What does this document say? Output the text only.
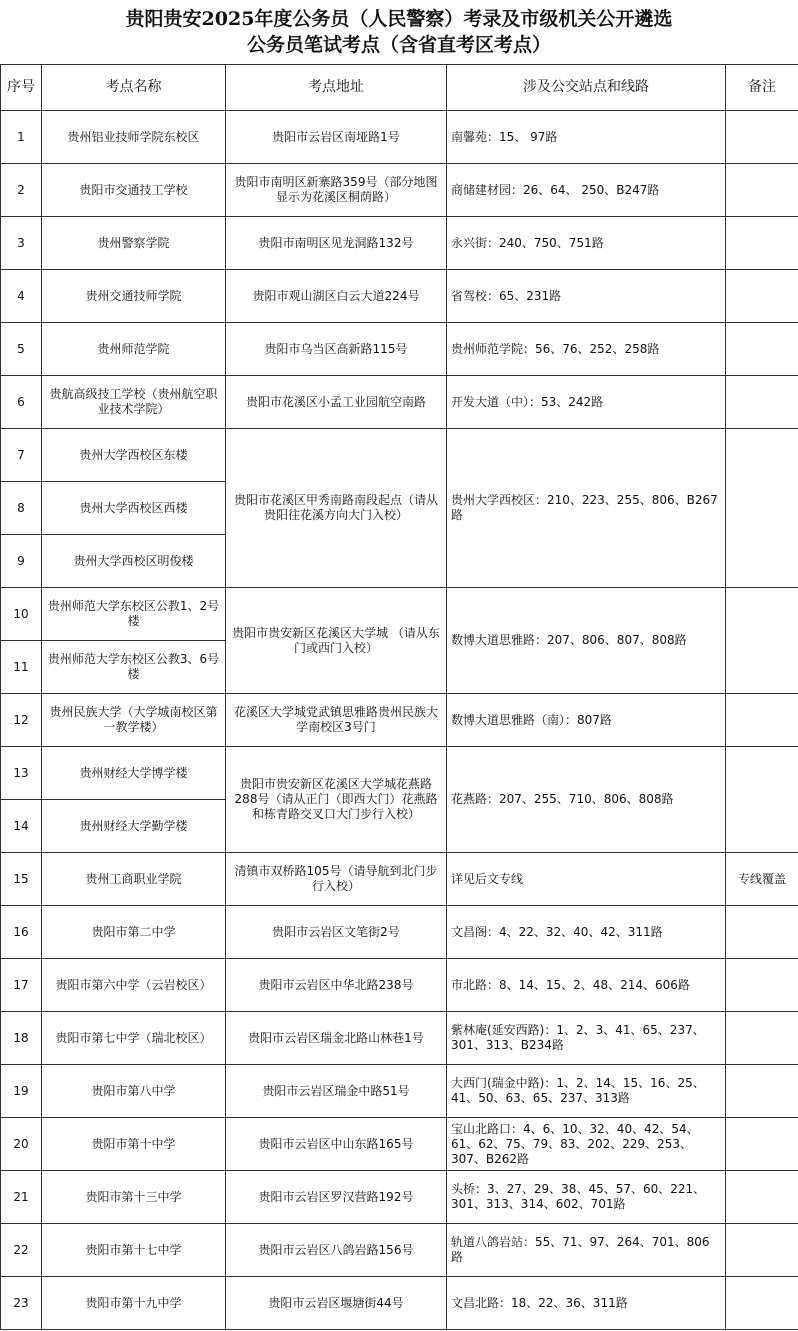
贵阳贵安2025年度公务员（人民警察）考录及市级机关公开遴选
公务员笔试考点（含省直考区考点）
序号	考点名称	考点地址	涉及公交站点和线路	备注
1	贵州铝业技师学院东校区	贵阳市云岩区南垭路1号	南馨苑：15、 97路	
2	贵阳市交通技工学校	贵阳市南明区新寨路359号（部分地图显示为花溪区桐荫路）	商储建材园：26、64、 250、B247路	
3	贵州警察学院	贵阳市南明区见龙洞路132号	永兴街：240、750、751路	
4	贵州交通技师学院	贵阳市观山湖区白云大道224号	省驾校：65、231路	
5	贵州师范学院	贵阳市乌当区高新路115号	贵州师范学院：56、76、252、258路	
6	贵航高级技工学校（贵州航空职业技术学院）	贵阳市花溪区小孟工业园航空南路	开发大道（中）：53、242路	
7	贵州大学西校区东楼	贵阳市花溪区甲秀南路南段起点（请从贵阳往花溪方向大门入校）	贵州大学西校区：210、223、255、806、B267路	
8	贵州大学西校区西楼			
9	贵州大学西校区明俊楼			
10	贵州师范大学东校区公教1、2号楼	贵阳市贵安新区花溪区大学城 （请从东门或西门入校）	数博大道思雅路：207、806、807、808路	
11	贵州师范大学东校区公教3、6号楼			
12	贵州民族大学（大学城南校区第一教学楼）	花溪区大学城党武镇思雅路贵州民族大学南校区3号门	数博大道思雅路（南）：807路	
13	贵州财经大学博学楼	贵阳市贵安新区花溪区大学城花燕路288号（请从正门（即西大门）花燕路和栋青路交叉口大门步行入校）	花燕路：207、255、710、806、808路	
14	贵州财经大学勤学楼			
15	贵州工商职业学院	清镇市双桥路105号（请导航到北门步行入校）	详见后文专线	专线覆盖
16	贵阳市第二中学	贵阳市云岩区文笔街2号	文昌阁：4、22、32、40、42、311路	
17	贵阳市第六中学（云岩校区）	贵阳市云岩区中华北路238号	市北路：8、14、15、2、48、214、606路	
18	贵阳市第七中学（瑞北校区）	贵阳市云岩区瑞金北路山林巷1号	紫林庵(延安西路)：1、2、3、41、65、237、301、313、B234路	
19	贵阳市第八中学	贵阳市云岩区瑞金中路51号	大西门(瑞金中路)：1、2、14、15、16、25、41、50、63、65、237、313路	
20	贵阳市第十中学	贵阳市云岩区中山东路165号	宝山北路口：4、6、10、32、40、42、54、61、62、75、79、83、202、229、253、307、B262路	
21	贵阳市第十三中学	贵阳市云岩区罗汉营路192号	头桥：3、27、29、38、45、57、60、221、301、313、314、602、701路	
22	贵阳市第十七中学	贵阳市云岩区八鸽岩路156号	轨道八鸽岩站：55、71、97、264、701、806路	
23	贵阳市第十九中学	贵阳市云岩区堰塘街44号	文昌北路：18、22、36、311路	
